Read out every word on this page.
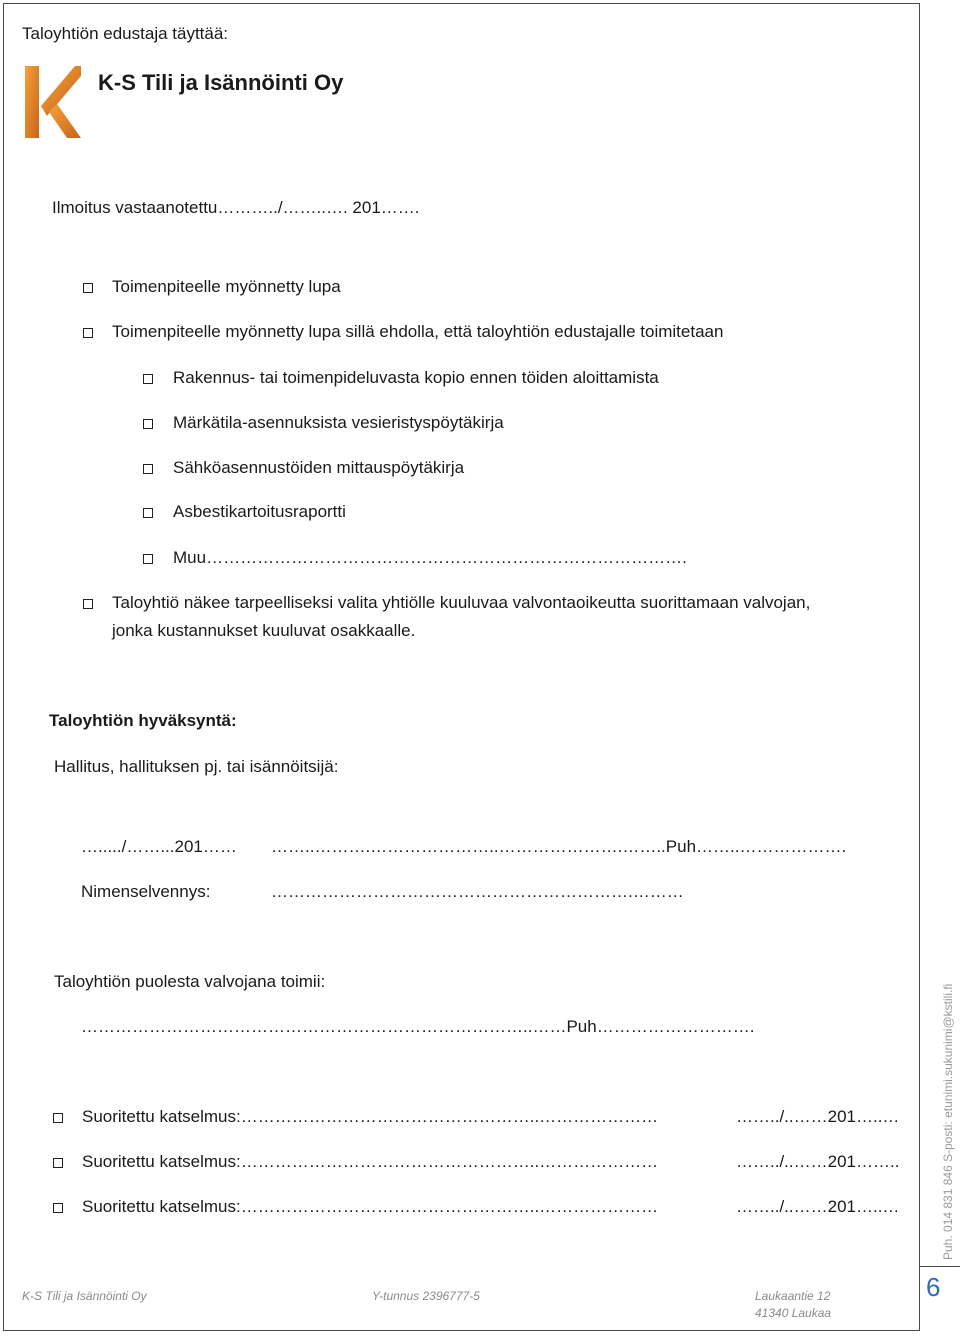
Taloyhtiön edustaja täyttää:
K-S Tili ja Isännöinti Oy
Ilmoitus vastaanotettu………../……..…. 201…….
Toimenpiteelle myönnetty lupa
Toimenpiteelle myönnetty lupa sillä ehdolla, että taloyhtiön edustajalle toimitetaan
Rakennus- tai toimenpideluvasta kopio ennen töiden aloittamista
Märkätila-asennuksista vesieristyspöytäkirja
Sähköasennustöiden mittauspöytäkirja
Asbestikartoitusraportti
Muu………………………………………………………………………….
Taloyhtiö näkee tarpeelliseksi valita yhtiölle kuuluvaa valvontaoikeutta suorittamaan valvojan,
jonka kustannukset kuuluvat osakkaalle.
Taloyhtiön hyväksyntä:
Hallitus, hallituksen pj. tai isännöitsijä:
…...../……...201…… ……..……….…………………..………………….……..Puh……..……………….
Nimenselvennys:	……………………………………………………….………
Taloyhtiön puolesta valvojana toimii:
……………………………………………………………………..……Puh……………………….
Suoritettu katselmus:……………………………………………..…………………	……../..……201…..…
Suoritettu katselmus:……………………………………………..…………………	……../..……201……..
Suoritettu katselmus:……………………………………………..…………………	……../..……201…..…
K-S Tili ja Isännöinti Oy	Y-tunnus 2396777-5	Laukaantie 12
41340 Laukaa
Puh. 014 831 846 S-posti: etunimi.sukunimi@kstili.fi
6
